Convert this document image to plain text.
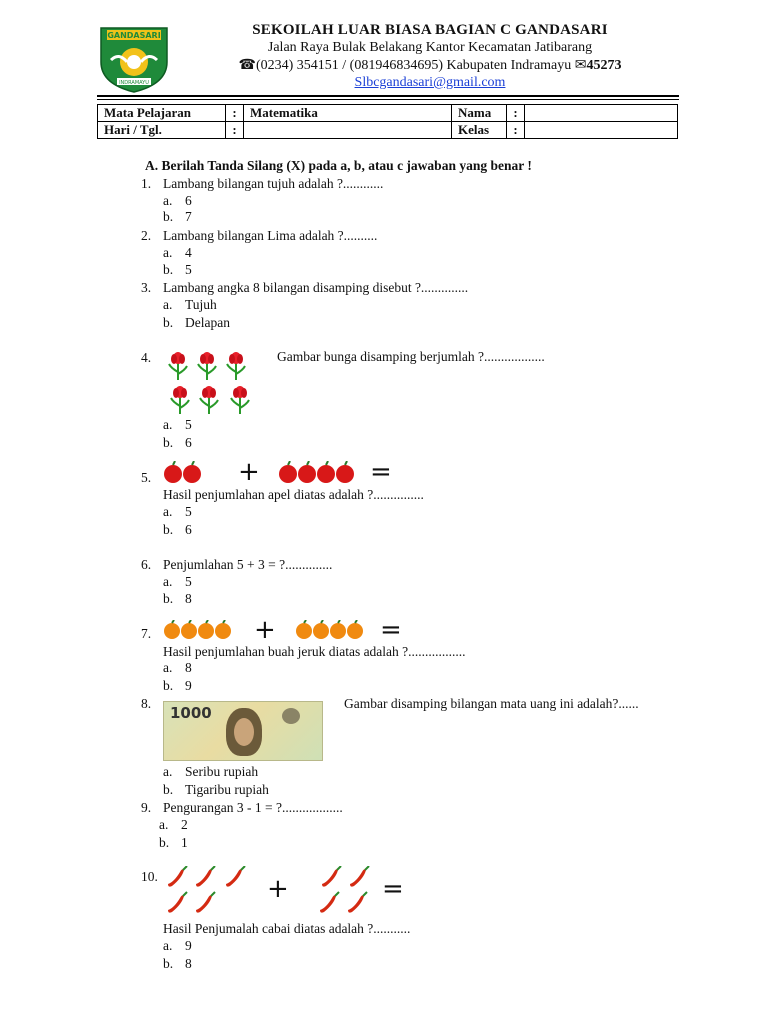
GANDASARI
INDRAMAYU
SEKOILAH LUAR BIASA BAGIAN C GANDASARI
Jalan Raya Bulak Belakang Kantor Kecamatan Jatibarang
☎(0234) 354151 / (081946834695) Kabupaten Indramayu ✉45273
Slbcgandasari@gmail.com
Mata Pelajaran	:	Matematika	Nama	:	
Hari / Tgl.	:		Kelas	:	
A. Berilah Tanda Silang (X) pada a, b, atau c jawaban yang benar !
1. Lambang bilangan tujuh adalah ?............
a. 6
b. 7
2. Lambang bilangan Lima adalah ?..........
a. 4
b. 5
3. Lambang angka 8 bilangan disamping disebut ?..............
a. Tujuh
b. Delapan
4.	Gambar bunga disamping berjumlah ?..................
a. 5
b. 6
5.	+	=
Hasil penjumlahan apel diatas adalah ?...............
a. 5
b. 6
6. Penjumlahan 5 + 3 = ?..............
a. 5
b. 8
7.	+	=
Hasil penjumlahan buah jeruk diatas adalah ?.................
a. 8
b. 9
8.
1000
Gambar disamping bilangan mata uang ini adalah?......
a. Seribu rupiah
b. Tigaribu rupiah
9. Pengurangan 3 - 1 = ?..................
a. 2
b. 1
10.	+	=
Hasil Penjumalah cabai diatas adalah ?...........
a. 9
b. 8
